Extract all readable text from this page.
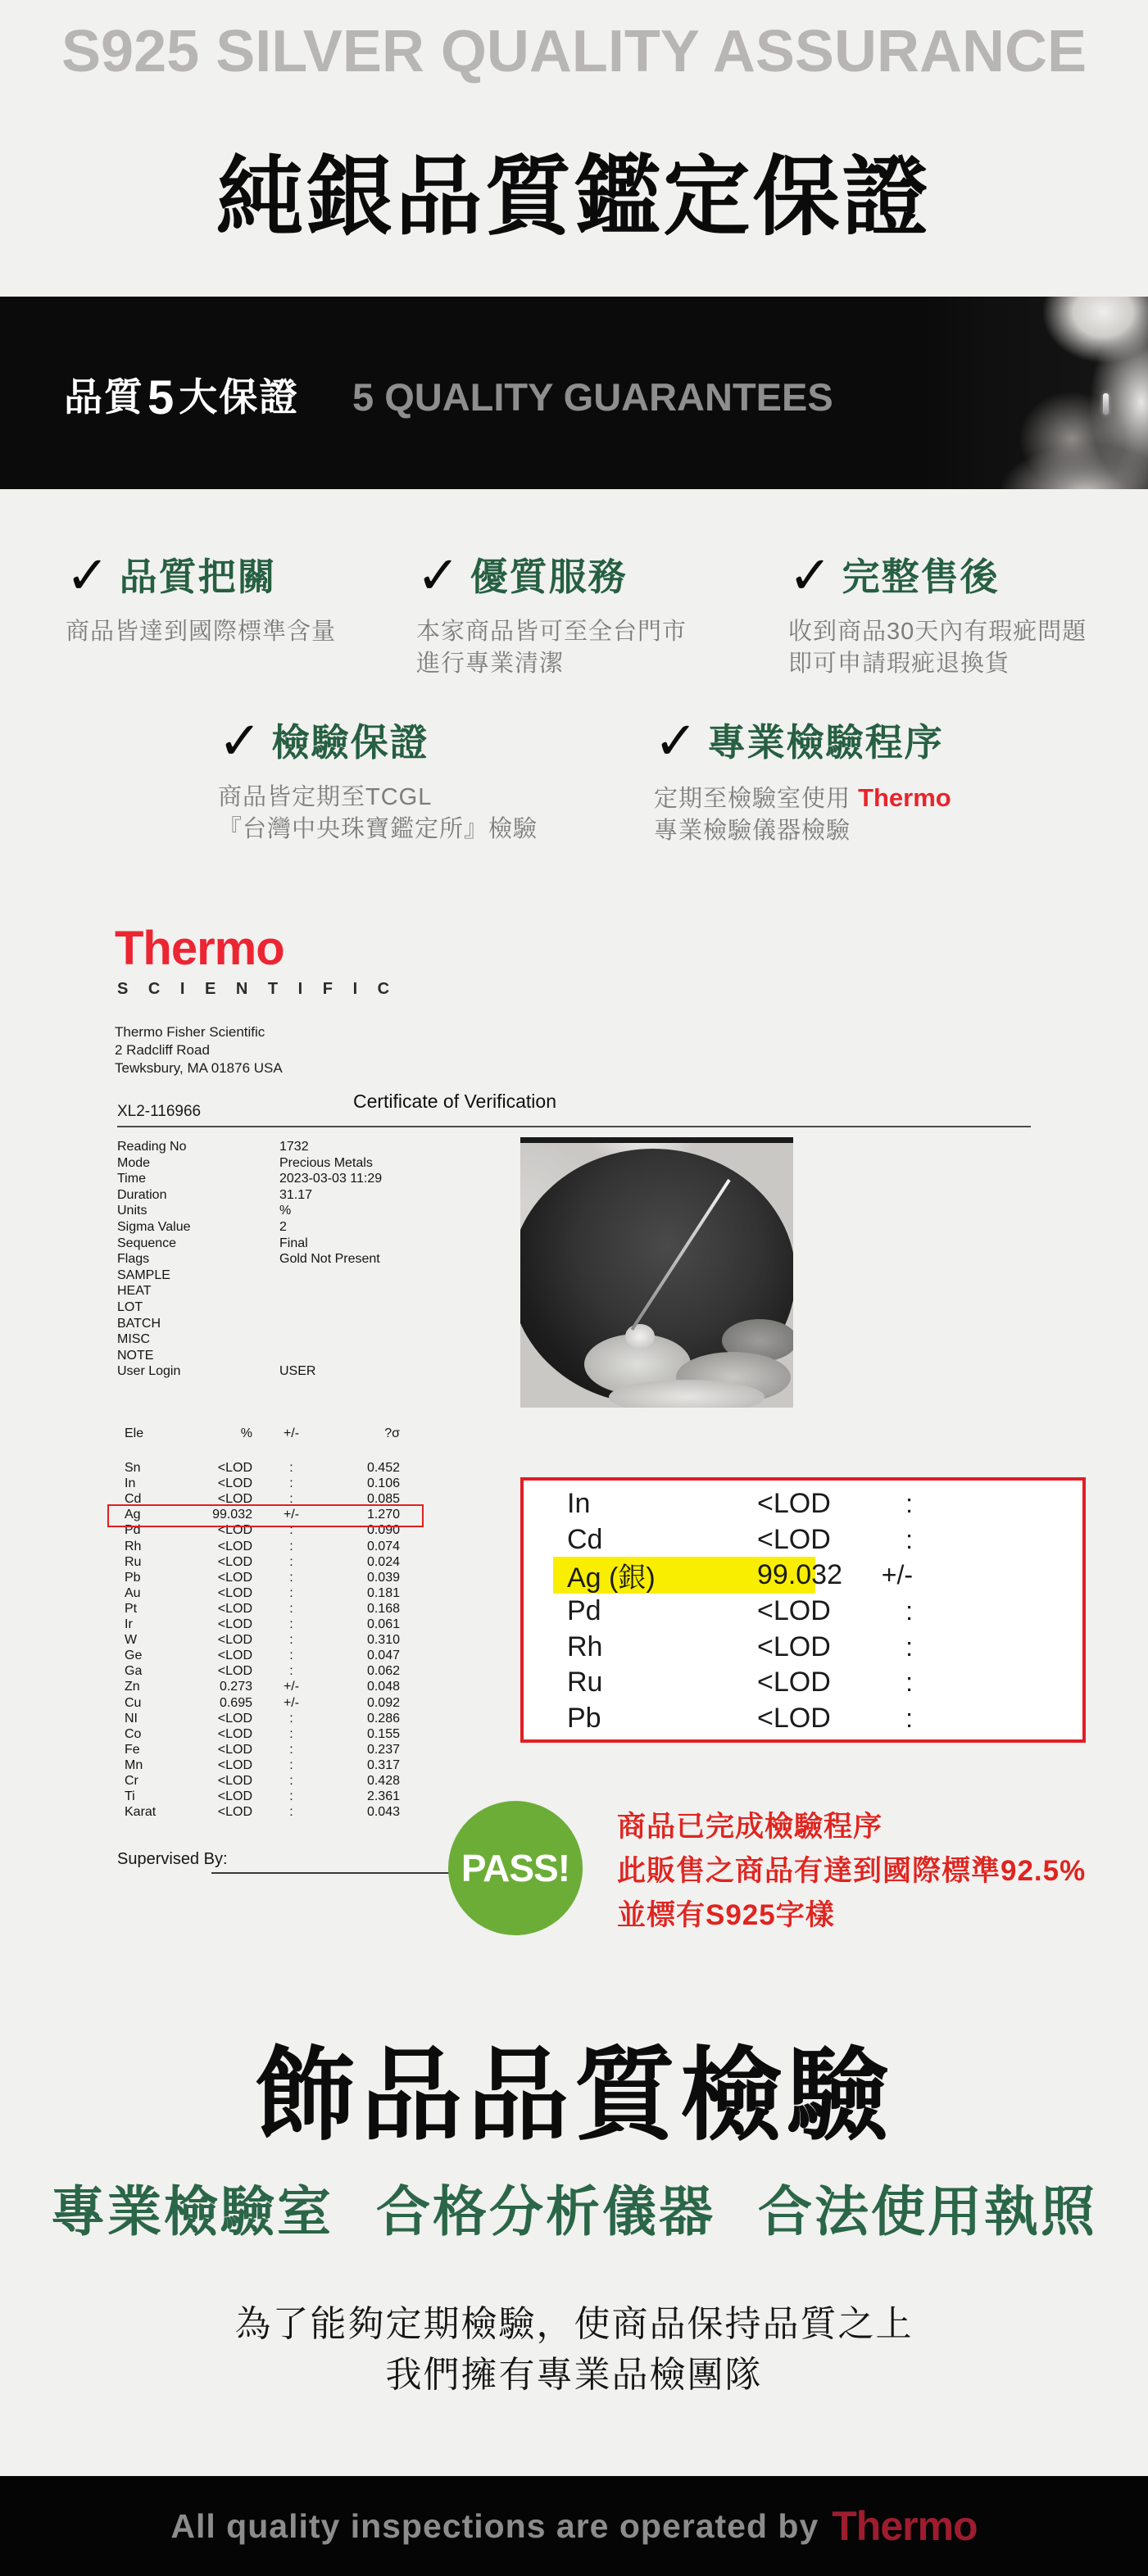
S925 SILVER QUALITY ASSURANCE
純銀品質鑑定保證
品質5大保證 5 QUALITY GUARANTEES
✓ 品質把關
商品皆達到國際標準含量
✓ 優質服務
本家商品皆可至全台門市
進行專業清潔
✓ 完整售後
收到商品30天內有瑕疵問題
即可申請瑕疵退換貨
✓ 檢驗保證
商品皆定期至TCGL
『台灣中央珠寶鑑定所』檢驗
✓ 專業檢驗程序
定期至檢驗室使用 Thermo
專業檢驗儀器檢驗
Thermo
S C I E N T I F I C
Thermo Fisher Scientific
2 Radcliff Road
Tewksbury, MA 01876 USA
Certificate of Verification
XL2-116966
Reading No	1732
Mode	Precious Metals
Time	2023-03-03 11:29
Duration	31.17
Units	%
Sigma Value	2
Sequence	Final
Flags	Gold Not Present
SAMPLE
HEAT
LOT
BATCH
MISC
NOTE
User Login	USER
Ele	%	+/-	?σ
Sn	<LOD	:	0.452
In	<LOD	:	0.106
Cd	<LOD	:	0.085
Ag	99.032	+/-	1.270
Pd	<LOD	:	0.090
Rh	<LOD	:	0.074
Ru	<LOD	:	0.024
Pb	<LOD	:	0.039
Au	<LOD	:	0.181
Pt	<LOD	:	0.168
Ir	<LOD	:	0.061
W	<LOD	:	0.310
Ge	<LOD	:	0.047
Ga	<LOD	:	0.062
Zn	0.273	+/-	0.048
Cu	0.695	+/-	0.092
NI	<LOD	:	0.286
Co	<LOD	:	0.155
Fe	<LOD	:	0.237
Mn	<LOD	:	0.317
Cr	<LOD	:	0.428
Ti	<LOD	:	2.361
Karat	<LOD	:	0.043
Supervised By:
In	<LOD	:
Cd	<LOD	:
Ag (銀)	99.032	+/-
Pd	<LOD	:
Rh	<LOD	:
Ru	<LOD	:
Pb	<LOD	:
PASS!
商品已完成檢驗程序
此販售之商品有達到國際標準92.5%
並標有S925字樣
飾品品質檢驗
專業檢驗室 合格分析儀器 合法使用執照
為了能夠定期檢驗，使商品保持品質之上
我們擁有專業品檢團隊
All quality inspections are operated by Thermo
